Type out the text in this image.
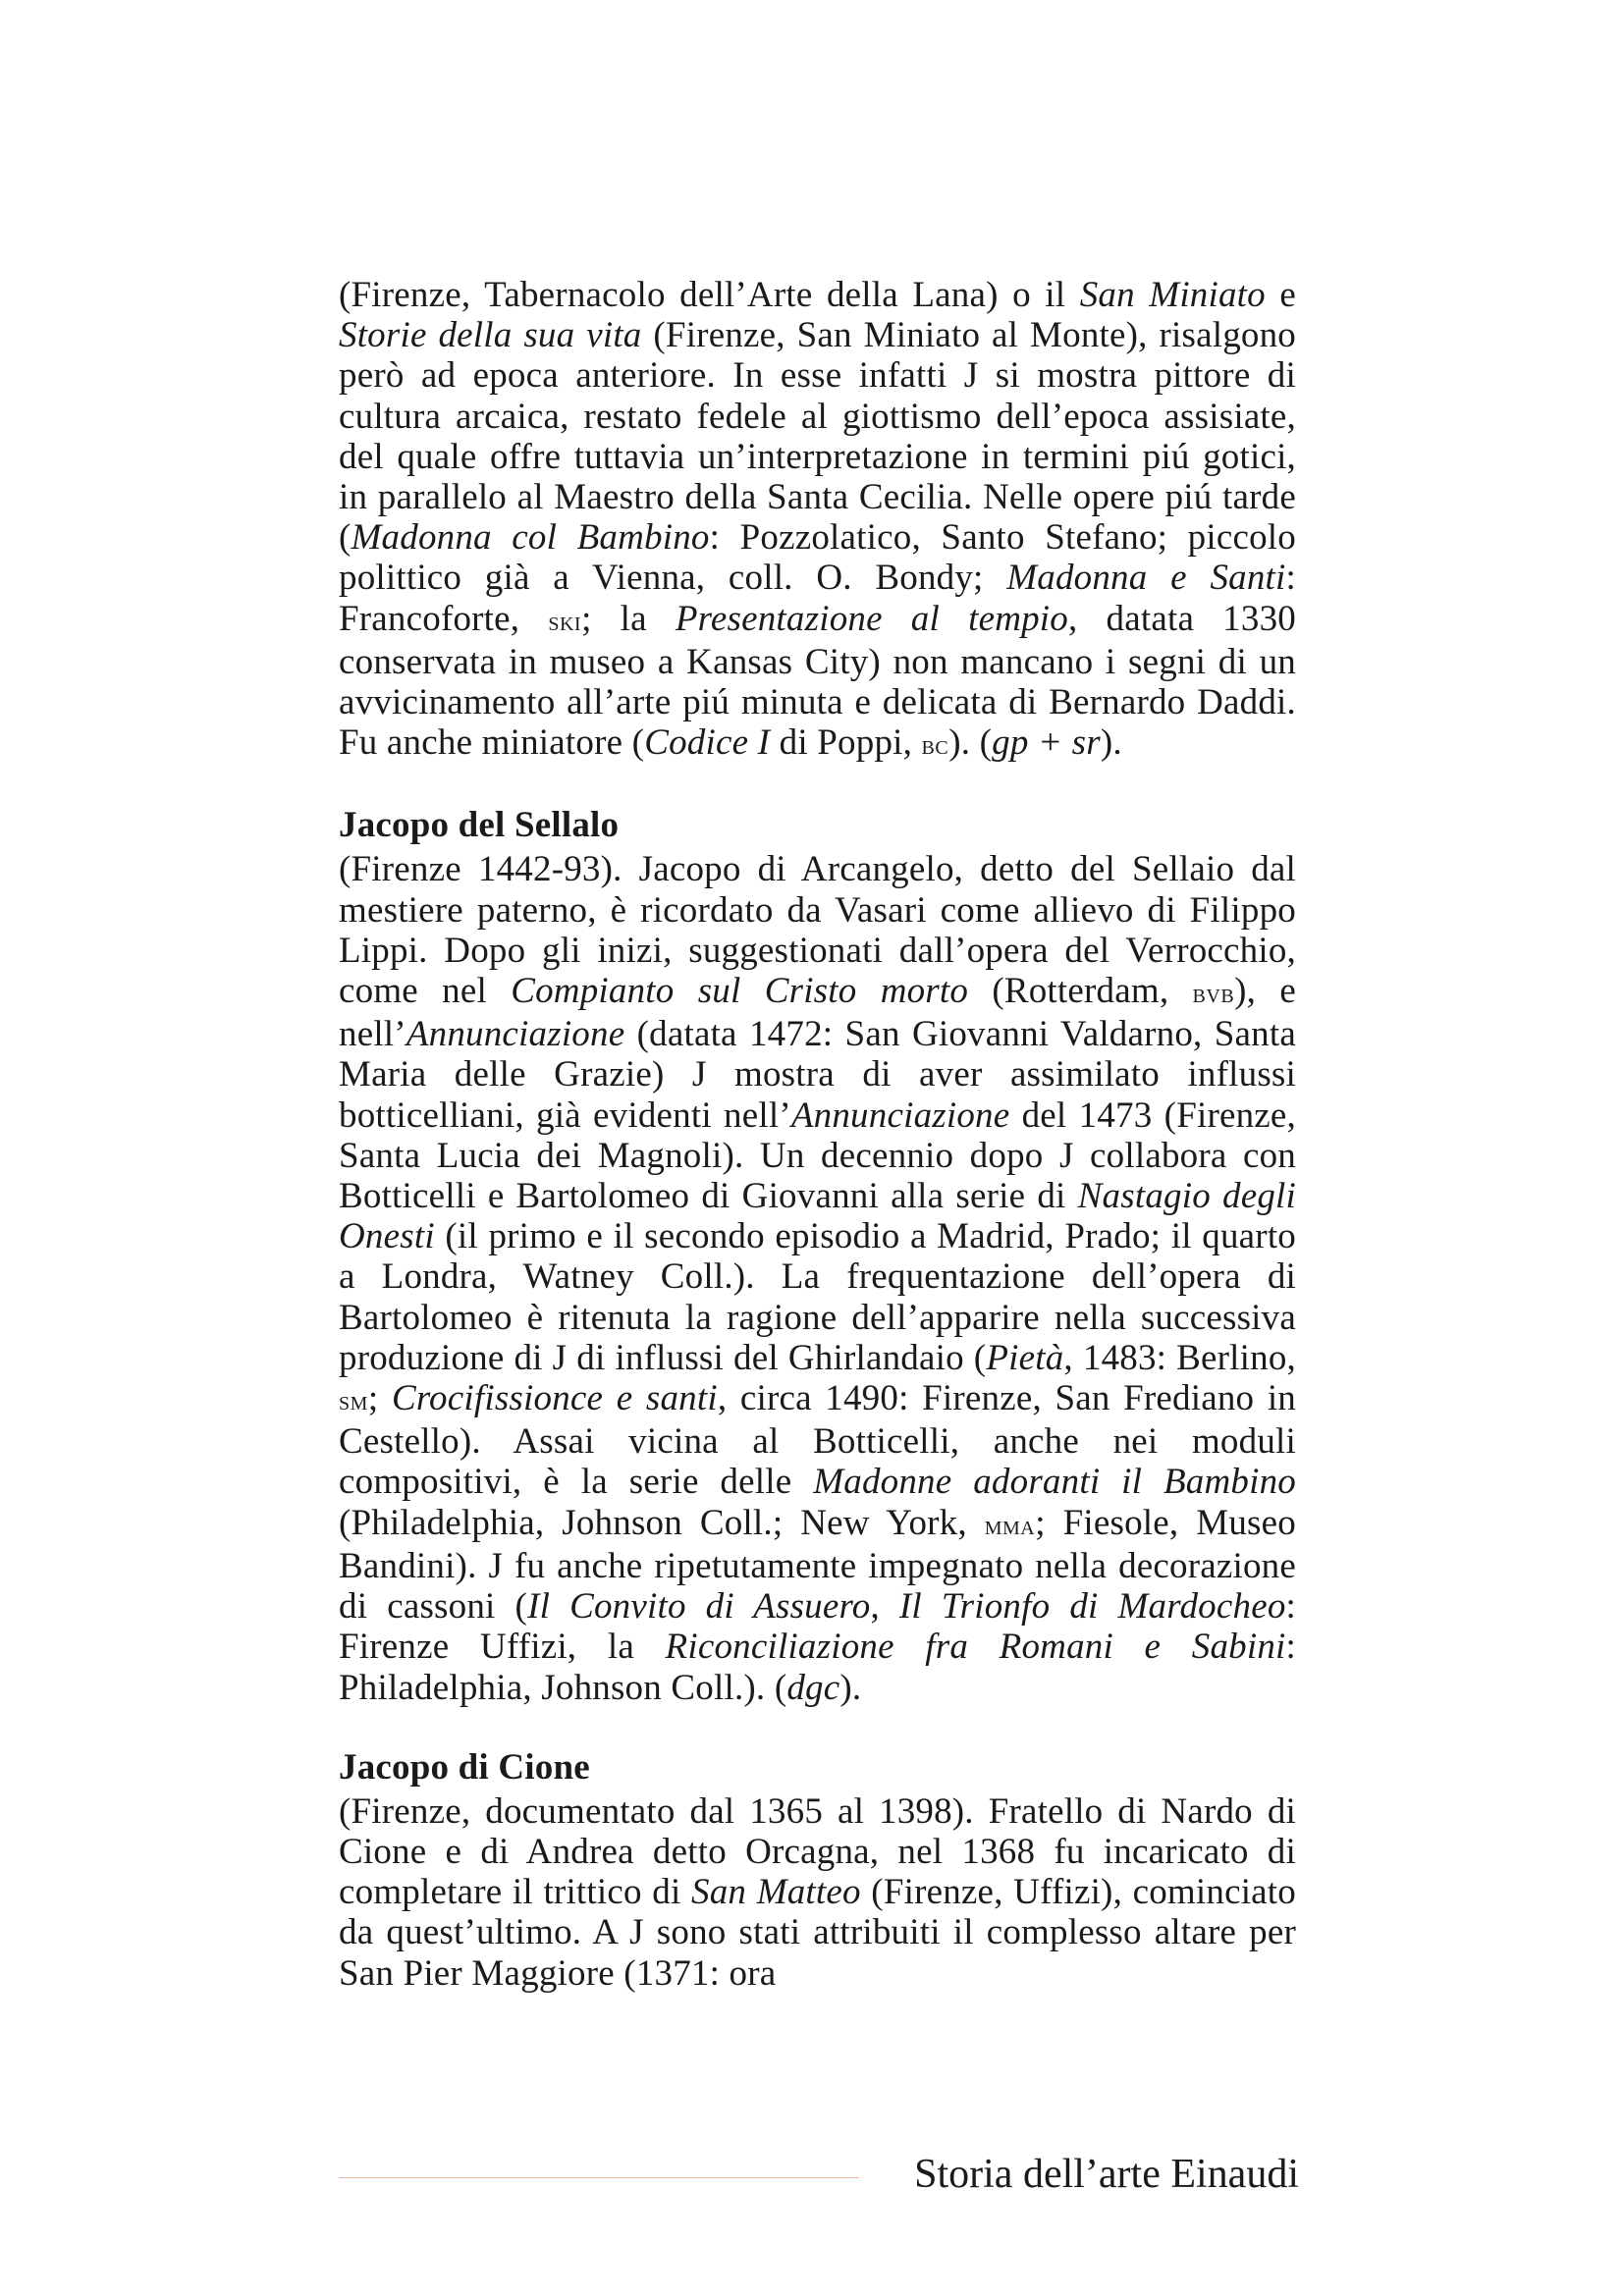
(Firenze, Tabernacolo dell’Arte della Lana) o il San Miniato e Storie della sua vita (Firenze, San Miniato al Monte), risalgono però ad epoca anteriore. In esse infatti J si mostra pittore di cultura arcaica, restato fedele al giottismo dell’epoca assisiate, del quale offre tuttavia un’interpretazione in termini piú gotici, in parallelo al Maestro della Santa Cecilia. Nelle opere piú tarde (Madonna col Bambino: Pozzolatico, Santo Stefano; piccolo polittico già a Vienna, coll. O. Bondy; Madonna e Santi: Francoforte, ski; la Presentazione al tempio, datata 1330 conservata in museo a Kansas City) non mancano i segni di un avvicinamento all’arte piú minuta e delicata di Bernardo Daddi. Fu anche miniatore (Codice I di Poppi, bc). (gp + sr).

Jacopo del Sellalo

(Firenze 1442-93). Jacopo di Arcangelo, detto del Sellaio dal mestiere paterno, è ricordato da Vasari come allievo di Filippo Lippi. Dopo gli inizi, suggestionati dall’opera del Verrocchio, come nel Compianto sul Cristo morto (Rotterdam, bvb), e nell’Annunciazione (datata 1472: San Giovanni Valdarno, Santa Maria delle Grazie) J mostra di aver assimilato influssi botticelliani, già evidenti nell’Annunciazione del 1473 (Firenze, Santa Lucia dei Magnoli). Un decennio dopo J collabora con Botticelli e Bartolomeo di Giovanni alla serie di Nastagio degli Onesti (il primo e il secondo episodio a Madrid, Prado; il quarto a Londra, Watney Coll.). La frequentazione dell’opera di Bartolomeo è ritenuta la ragione dell’apparire nella successiva produzione di J di influssi del Ghirlandaio (Pietà, 1483: Berlino, sm; Crocifissionce e santi, circa 1490: Firenze, San Frediano in Cestello). Assai vicina al Botticelli, anche nei moduli compositivi, è la serie delle Madonne adoranti il Bambino (Philadelphia, Johnson Coll.; New York, mma; Fiesole, Museo Bandini). J fu anche ripetutamente impegnato nella decorazione di cassoni (Il Convito di Assuero, Il Trionfo di Mardocheo: Firenze Uffizi, la Riconciliazione fra Romani e Sabini: Philadelphia, Johnson Coll.). (dgc).

Jacopo di Cione

(Firenze, documentato dal 1365 al 1398). Fratello di Nardo di Cione e di Andrea detto Orcagna, nel 1368 fu incaricato di completare il trittico di San Matteo (Firenze, Uffizi), cominciato da quest’ultimo. A J sono stati attribuiti il complesso altare per San Pier Maggiore (1371: ora

Storia dell’arte Einaudi
